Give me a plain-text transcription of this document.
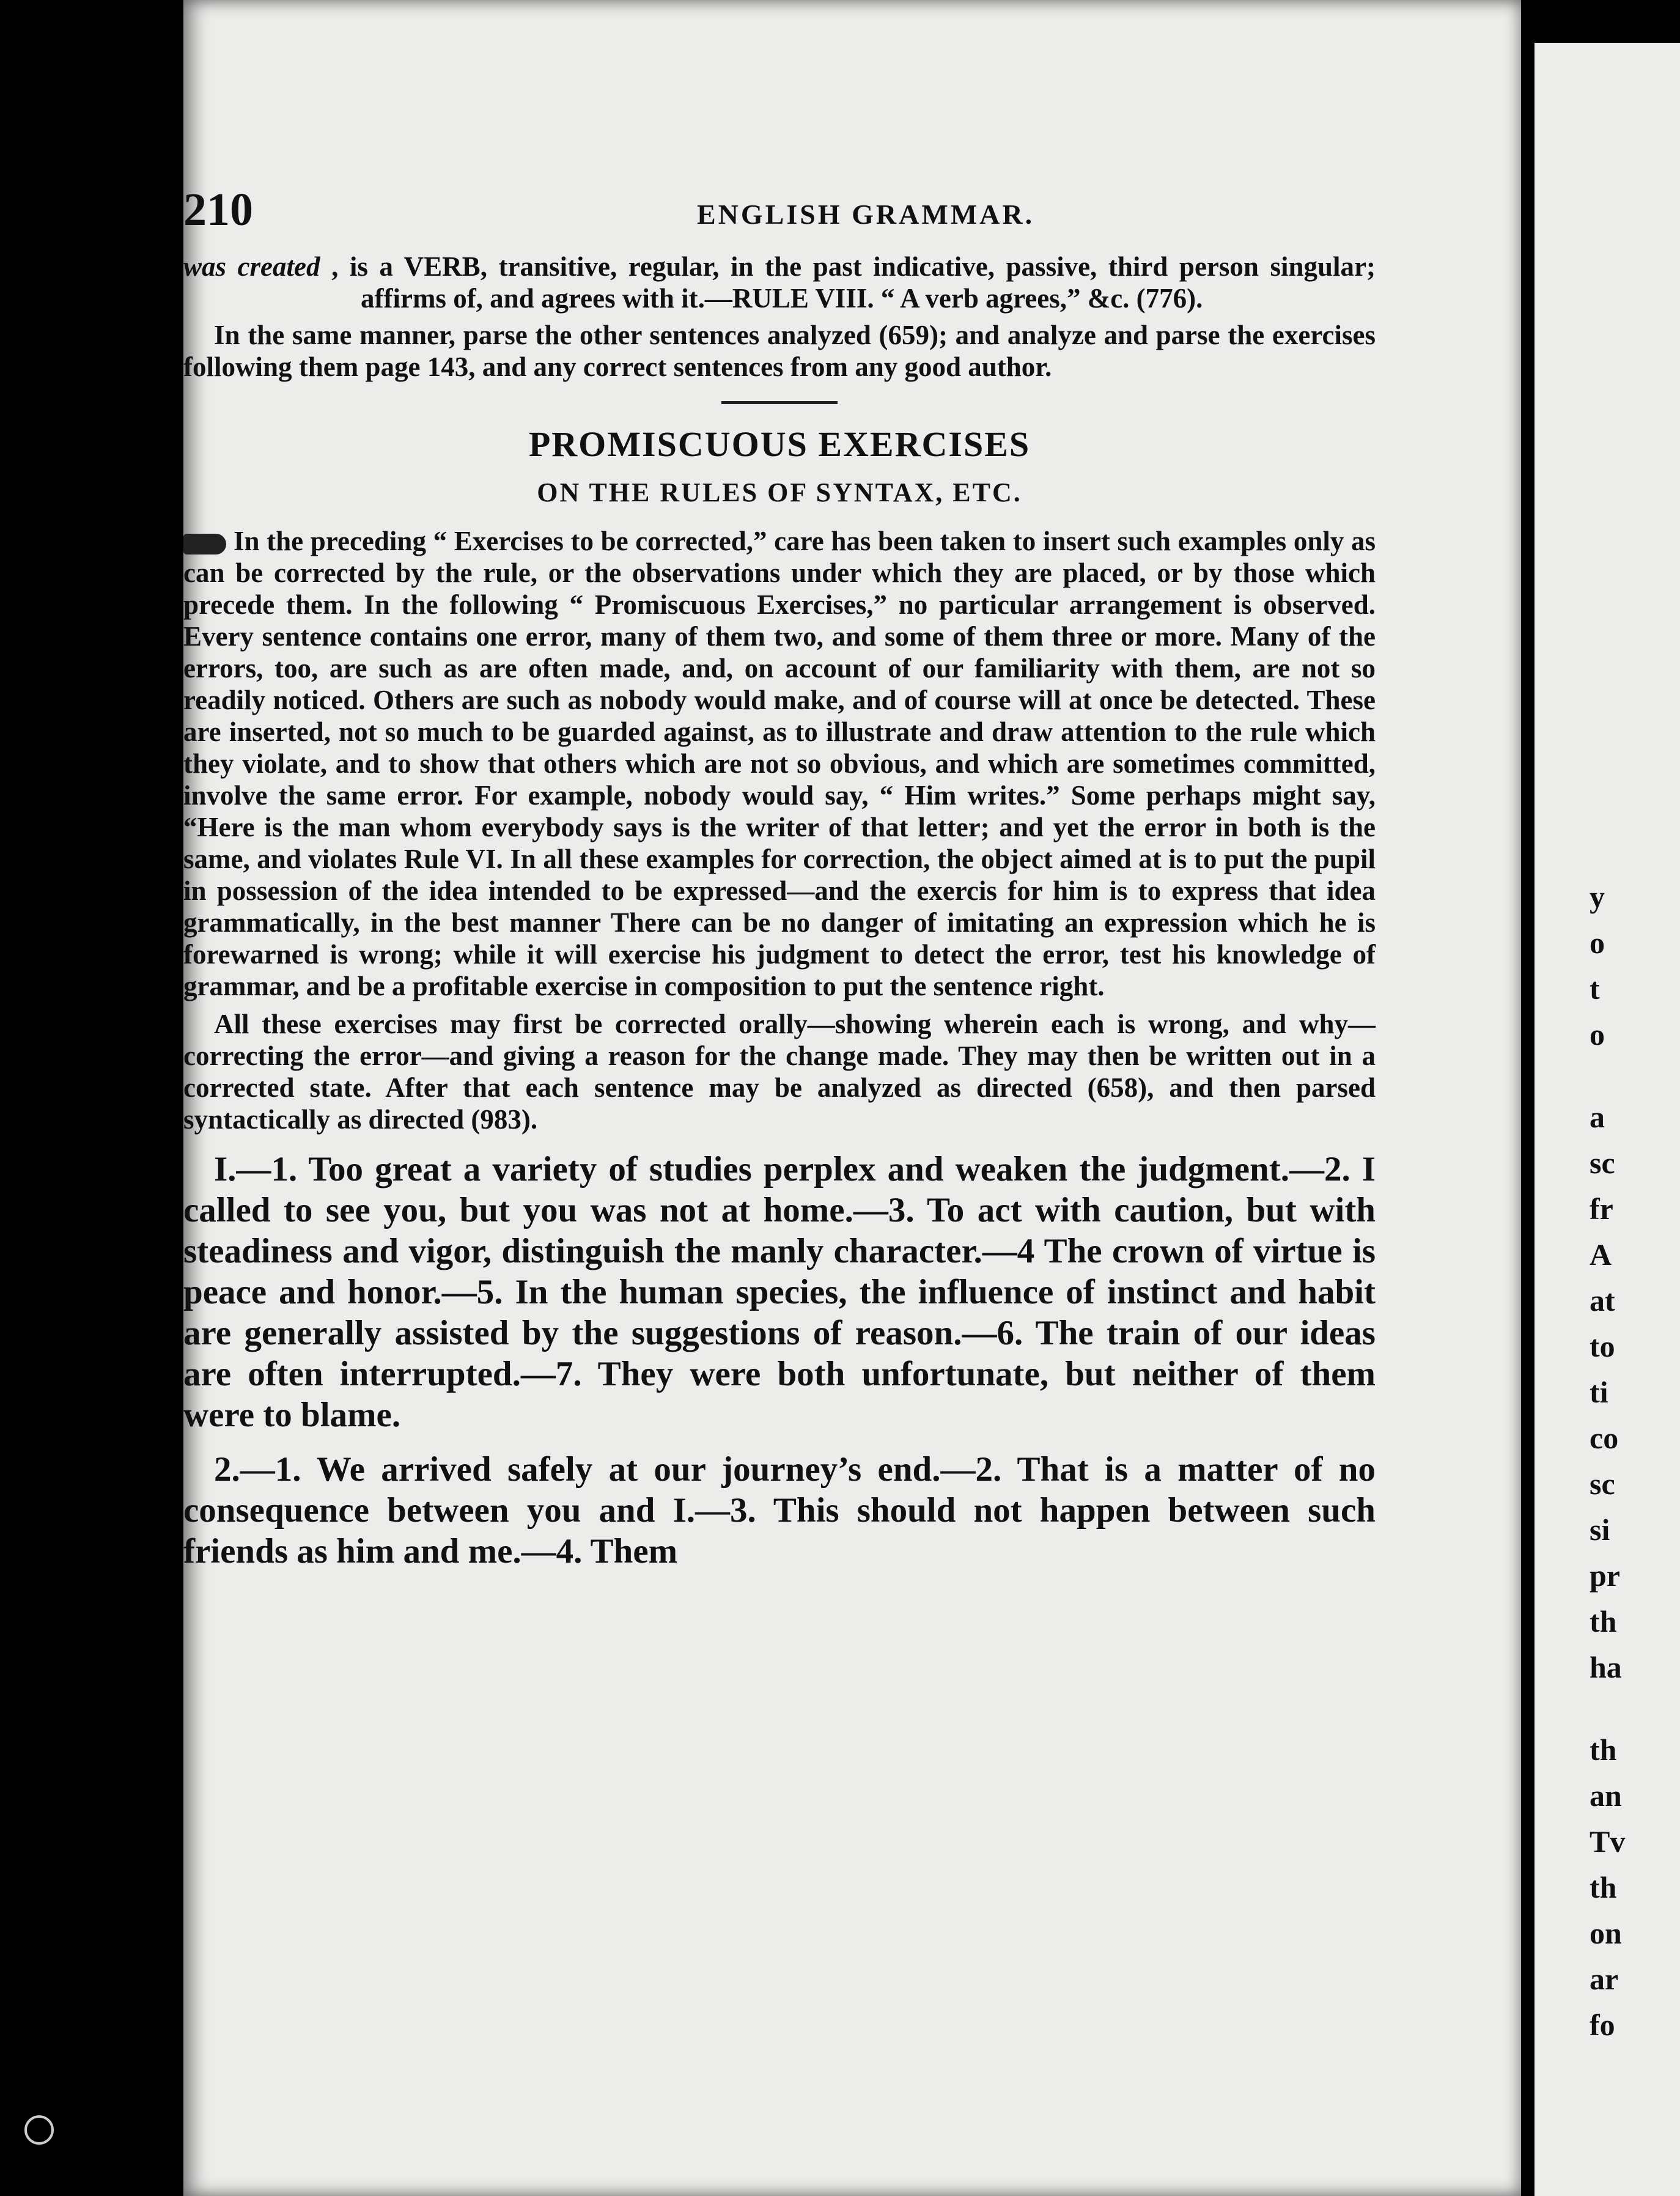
210	ENGLISH GRAMMAR.

was created , is a VERB, transitive, regular, in the past indicative, passive, third person singular; affirms of, and agrees with it.—RULE VIII. “ A verb agrees,” &c. (776).

In the same manner, parse the other sentences analyzed (659); and analyze and parse the exercises following them page 143, and any correct sentences from any good author.

PROMISCUOUS EXERCISES
ON THE RULES OF SYNTAX, ETC.

In the preceding “ Exercises to be corrected,” care has been taken to insert such examples only as can be corrected by the rule, or the observations under which they are placed, or by those which precede them. In the following “ Promiscuous Exercises,” no particular arrangement is observed. Every sentence contains one error, many of them two, and some of them three or more. Many of the errors, too, are such as are often made, and, on account of our familiarity with them, are not so readily noticed. Others are such as nobody would make, and of course will at once be detected. These are inserted, not so much to be guarded against, as to illustrate and draw attention to the rule which they violate, and to show that others which are not so obvious, and which are sometimes committed, involve the same error. For example, nobody would say, “ Him writes.” Some perhaps might say, “Here is the man whom everybody says is the writer of that letter; and yet the error in both is the same, and violates Rule VI. In all these examples for correction, the object aimed at is to put the pupil in possession of the idea intended to be expressed—and the exercis for him is to express that idea grammatically, in the best manner There can be no danger of imitating an expression which he is forewarned is wrong; while it will exercise his judgment to detect the error, test his knowledge of grammar, and be a profitable exercise in composition to put the sentence right.

All these exercises may first be corrected orally—showing wherein each is wrong, and why—correcting the error—and giving a reason for the change made. They may then be written out in a corrected state. After that each sentence may be analyzed as directed (658), and then parsed syntactically as directed (983).

I.—1. Too great a variety of studies perplex and weaken the judgment.—2. I called to see you, but you was not at home.—3. To act with caution, but with steadiness and vigor, distinguish the manly character.—4 The crown of virtue is peace and honor.—5. In the human species, the influence of instinct and habit are generally assisted by the suggestions of reason.—6. The train of our ideas are often interrupted.—7. They were both unfortunate, but neither of them were to blame.

2.—1. We arrived safely at our journey’s end.—2. That is a matter of no consequence between you and I.—3. This should not happen between such friends as him and me.—4. Them

y
o
t
o
a
sc
fr
A
at
to
ti
co
sc
si
pr
th
ha
th
an
Tv
th
on
ar
fo
